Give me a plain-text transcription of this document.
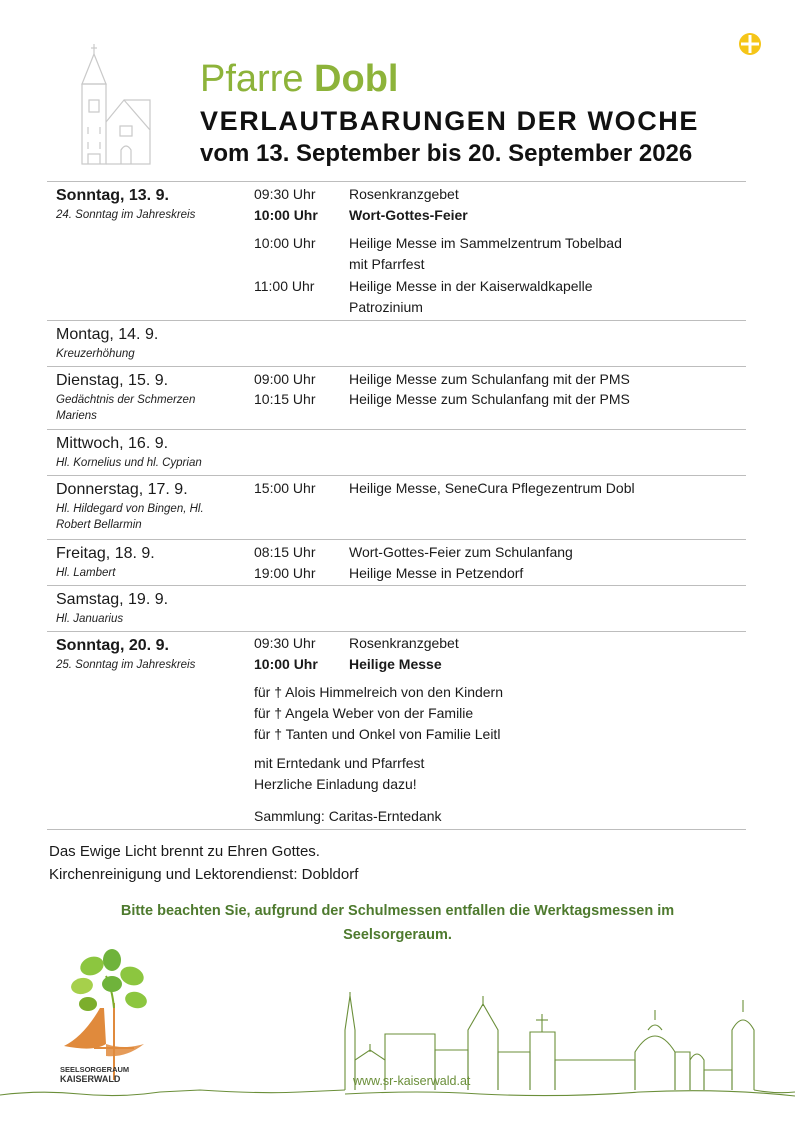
Pfarre Dobl
VERLAUTBARUNGEN DER WOCHE
vom 13. September bis 20. September 2026
Sonntag, 13. 9.
24. Sonntag im Jahreskreis
09:30 Uhr	Rosenkranzgebet
10:00 Uhr	Wort-Gottes-Feier
10:00 Uhr	Heilige Messe im Sammelzentrum Tobelbad
mit Pfarrfest
11:00 Uhr	Heilige Messe in der Kaiserwaldkapelle
Patrozinium
Montag, 14. 9.
Kreuzerhöhung
Dienstag, 15. 9.
Gedächtnis der Schmerzen
Mariens
09:00 Uhr	Heilige Messe zum Schulanfang mit der PMS
10:15 Uhr	Heilige Messe zum Schulanfang mit der PMS
Mittwoch, 16. 9.
Hl. Kornelius und hl. Cyprian
Donnerstag, 17. 9.
Hl. Hildegard von Bingen, Hl.
Robert Bellarmin
15:00 Uhr	Heilige Messe, SeneCura Pflegezentrum Dobl
Freitag, 18. 9.
Hl. Lambert
08:15 Uhr	Wort-Gottes-Feier zum Schulanfang
19:00 Uhr	Heilige Messe in Petzendorf
Samstag, 19. 9.
Hl. Januarius
Sonntag, 20. 9.
25. Sonntag im Jahreskreis
09:30 Uhr	Rosenkranzgebet
10:00 Uhr	Heilige Messe
für † Alois Himmelreich von den Kindern
für † Angela Weber von der Familie
für † Tanten und Onkel von Familie Leitl
mit Erntedank und Pfarrfest
Herzliche Einladung dazu!
Sammlung: Caritas-Erntedank
Das Ewige Licht brennt zu Ehren Gottes.
Kirchenreinigung und Lektorendienst: Dobldorf
Bitte beachten Sie, aufgrund der Schulmessen entfallen die Werktagsmessen im
Seelsorgeraum.
SEELSORGERAUM
KAISERWALD	www.sr-kaiserwald.at
